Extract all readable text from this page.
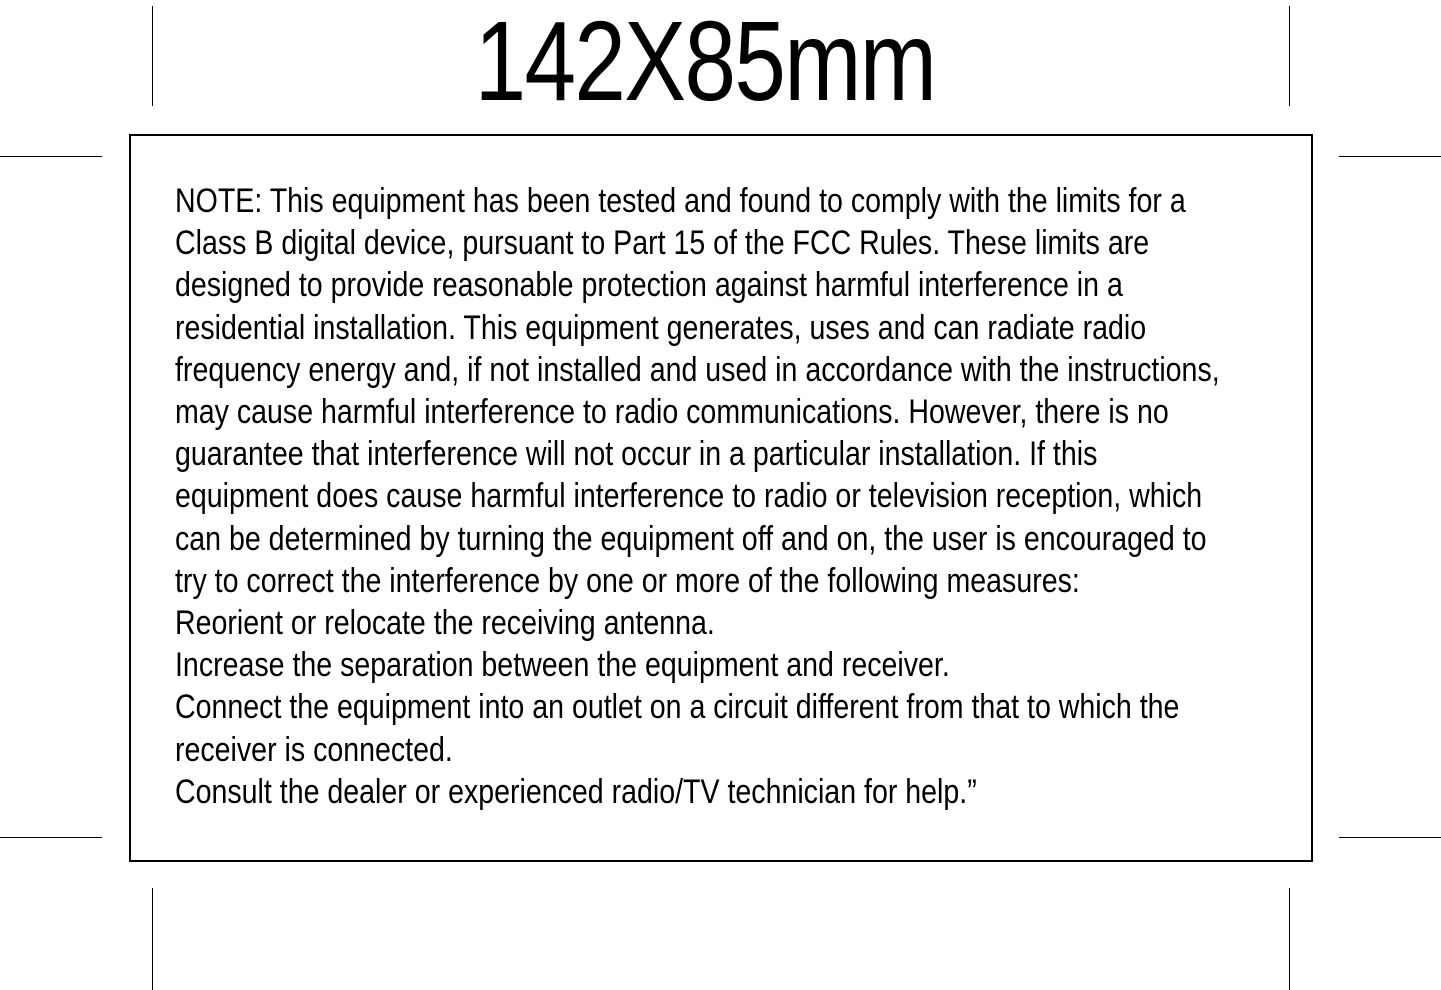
142X85mm

NOTE: This equipment has been tested and found to comply with the limits for a

Class B digital device, pursuant to Part 15 of the FCC Rules. These limits are

designed to provide reasonable protection against harmful interference in a

residential installation. This equipment generates, uses and can radiate radio

frequency energy and, if not installed and used in accordance with the instructions,

may cause harmful interference to radio communications. However, there is no

guarantee that interference will not occur in a particular installation. If this

equipment does cause harmful interference to radio or television reception, which

can be determined by turning the equipment off and on, the user is encouraged to

try to correct the interference by one or more of the following measures:

Reorient or relocate the receiving antenna.

Increase the separation between the equipment and receiver.

Connect the equipment into an outlet on a circuit different from that to which the

receiver is connected.

Consult the dealer or experienced radio/TV technician for help.”
